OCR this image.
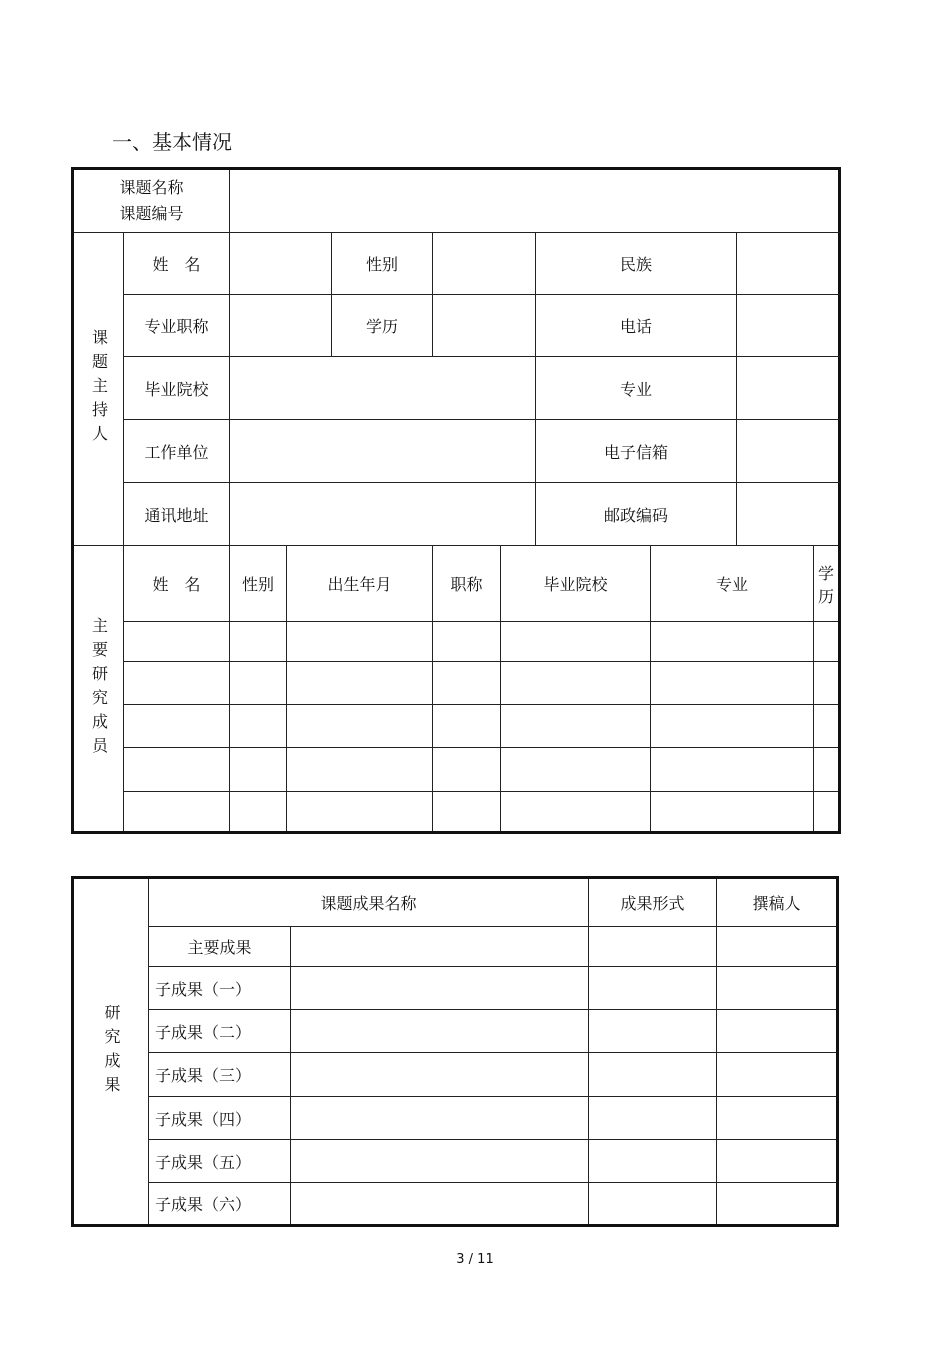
一、基本情况
课题名称
课题编号										

课题主持人	姓　名			性别			民族			
	专业职称			学历			电话			
	毕业院校						专业			
	工作单位						电子信箱			
	通讯地址						邮政编码			

主要研究成员	姓　名	性别	出生年月		职称	毕业院校		专业		学历

研究成果	课题成果名称		成果形式	撰稿人
	主要成果			
	子成果（一）			
	子成果（二）			
	子成果（三）			
	子成果（四）			
	子成果（五）			
	子成果（六）			
3 / 11
